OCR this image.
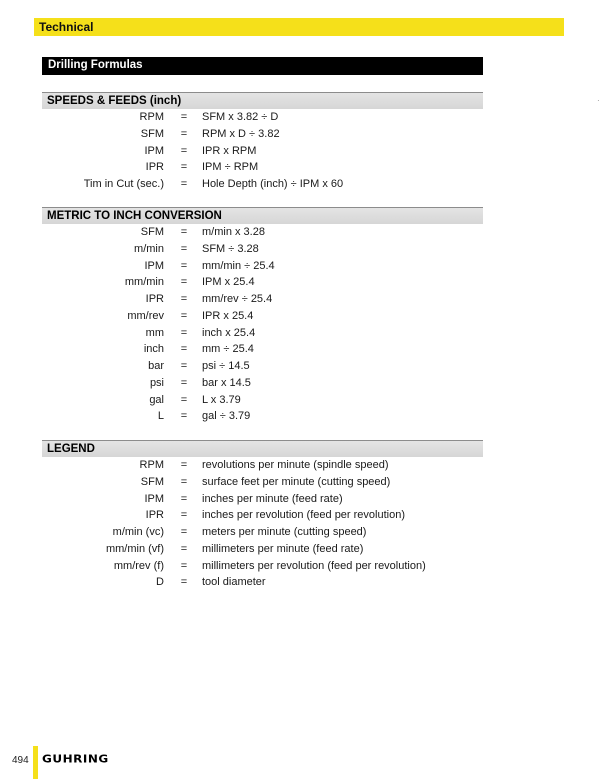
Technical
Drilling Formulas
·
SPEEDS & FEEDS (inch)
RPM = SFM x 3.82 ÷ D
SFM = RPM x D ÷ 3.82
IPM = IPR x RPM
IPR = IPM ÷ RPM
Tim in Cut (sec.) = Hole Depth (inch) ÷ IPM x 60
METRIC TO INCH CONVERSION
SFM = m/min x 3.28
m/min = SFM ÷ 3.28
IPM = mm/min ÷ 25.4
mm/min = IPM x 25.4
IPR = mm/rev ÷ 25.4
mm/rev = IPR x 25.4
mm = inch x 25.4
inch = mm ÷ 25.4
bar = psi ÷ 14.5
psi = bar x 14.5
gal = L x 3.79
L = gal ÷ 3.79
LEGEND
RPM = revolutions per minute (spindle speed)
SFM = surface feet per minute (cutting speed)
IPM = inches per minute (feed rate)
IPR = inches per revolution (feed per revolution)
m/min (vc) = meters per minute (cutting speed)
mm/min (vf) = millimeters per minute (feed rate)
mm/rev (f) = millimeters per revolution (feed per revolution)
D = tool diameter
494 GUHRING
